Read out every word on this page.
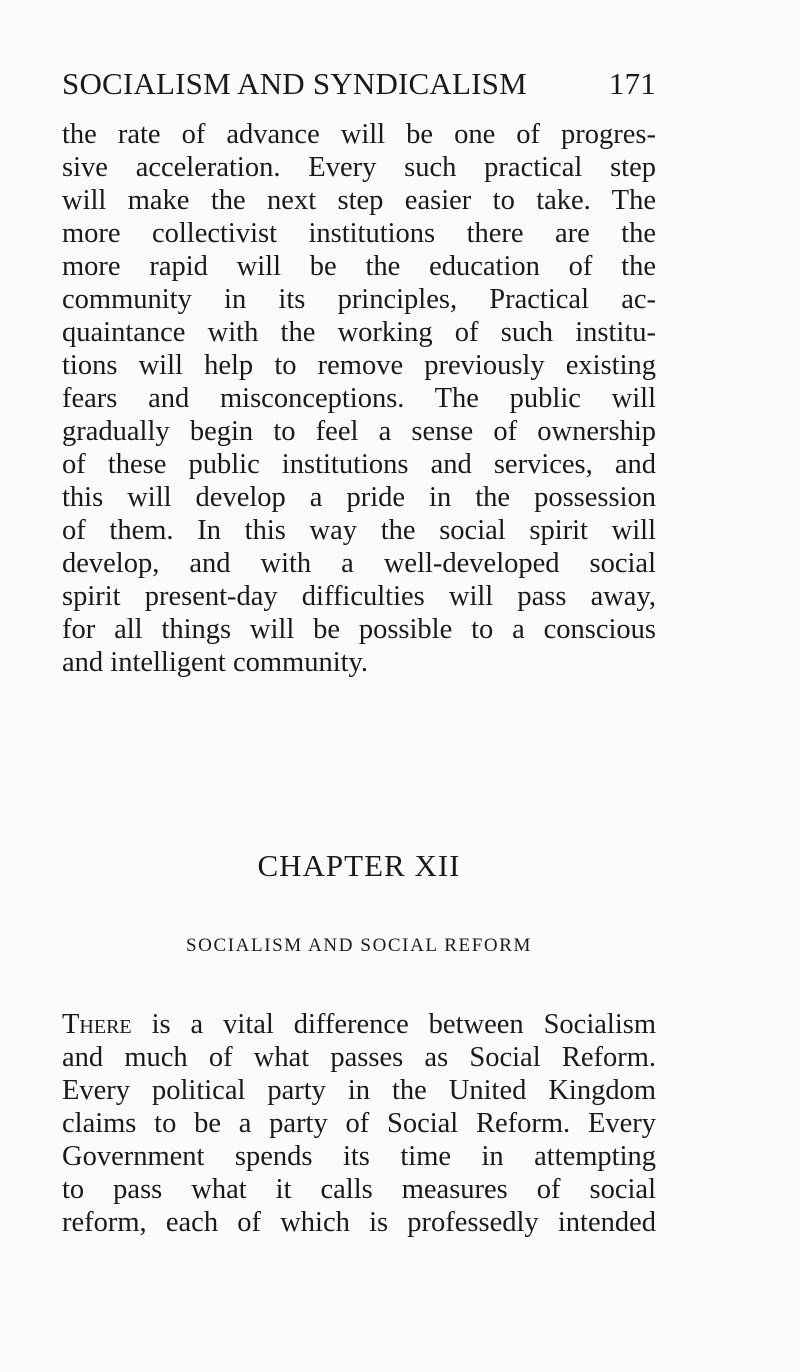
SOCIALISM AND SYNDICALISM	171
the rate of advance will be one of progres-
sive acceleration. Every such practical step
will make the next step easier to take. The
more collectivist institutions there are the
more rapid will be the education of the
community in its principles, Practical ac-
quaintance with the working of such institu-
tions will help to remove previously existing
fears and misconceptions. The public will
gradually begin to feel a sense of ownership
of these public institutions and services, and
this will develop a pride in the possession
of them. In this way the social spirit will
develop, and with a well-developed social
spirit present-day difficulties will pass away,
for all things will be possible to a conscious
and intelligent community.
CHAPTER XII
SOCIALISM AND SOCIAL REFORM
There is a vital difference between Socialism
and much of what passes as Social Reform.
Every political party in the United Kingdom
claims to be a party of Social Reform. Every
Government spends its time in attempting
to pass what it calls measures of social
reform, each of which is professedly intended
